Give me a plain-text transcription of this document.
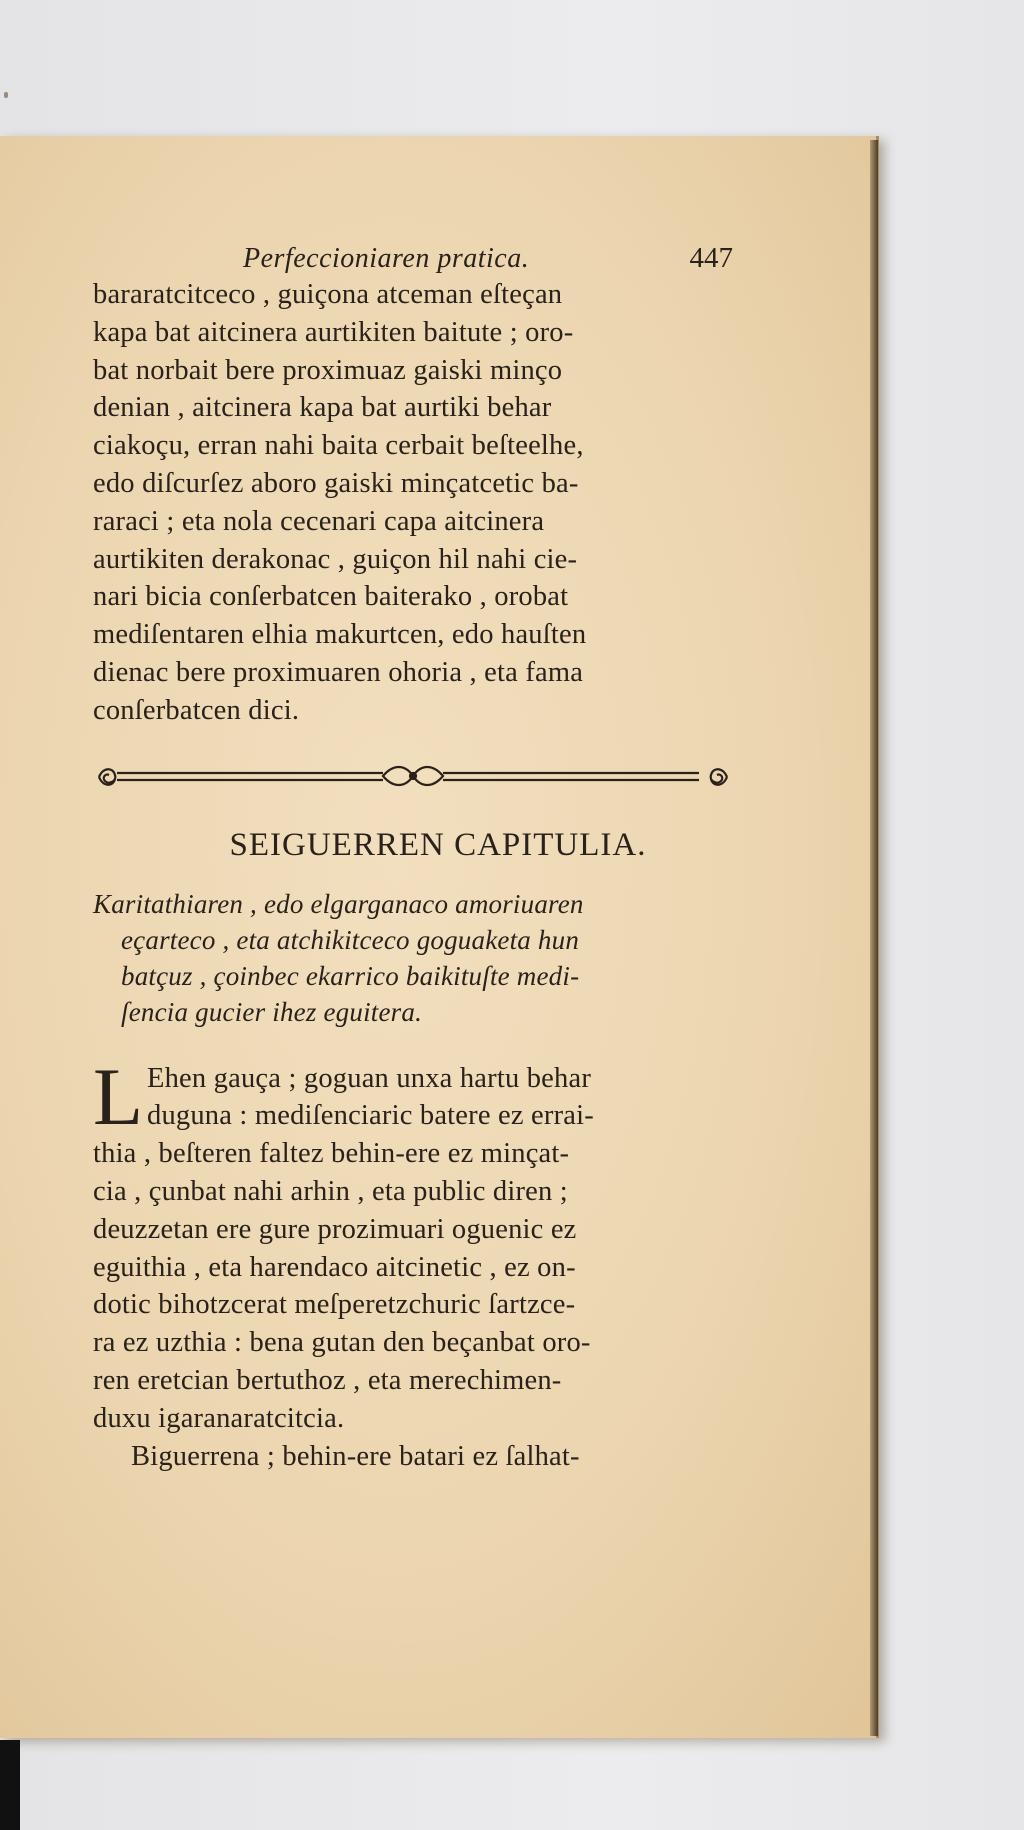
Perfeccioniaren pratica.	447
bararatcitceco , guiçona atceman eſteçan
kapa bat aitcinera aurtikiten baitute ; oro-
bat norbait bere proximuaz gaiski minço
denian , aitcinera kapa bat aurtiki behar
ciakoçu, erran nahi baita cerbait beſteelhe,
edo diſcurſez aboro gaiski minçatcetic ba-
raraci ; eta nola cecenari capa aitcinera
aurtikiten derakonac , guiçon hil nahi cie-
nari bicia conſerbatcen baiterako , orobat
mediſentaren elhia makurtcen, edo hauſten
dienac bere proximuaren ohoria , eta fama
conſerbatcen dici.
SEIGUERREN CAPITULIA.
Karitathiaren , edo elgarganaco amoriuaren
eçarteco , eta atchikitceco goguaketa hun
batçuz , çoinbec ekarrico baikituſte medi-
ſencia gucier ihez eguitera.
L Ehen gauça ; goguan unxa hartu behar
duguna : mediſenciaric batere ez errai-
thia , beſteren faltez behin-ere ez minçat-
cia , çunbat nahi arhin , eta public diren ;
deuzzetan ere gure prozimuari oguenic ez
eguithia , eta harendaco aitcinetic , ez on-
dotic bihotzcerat meſperetzchuric ſartzce-
ra ez uzthia : bena gutan den beçanbat oro-
ren eretcian bertuthoz , eta merechimen-
duxu igaranaratcitcia.
Biguerrena ; behin-ere batari ez ſalhat-
